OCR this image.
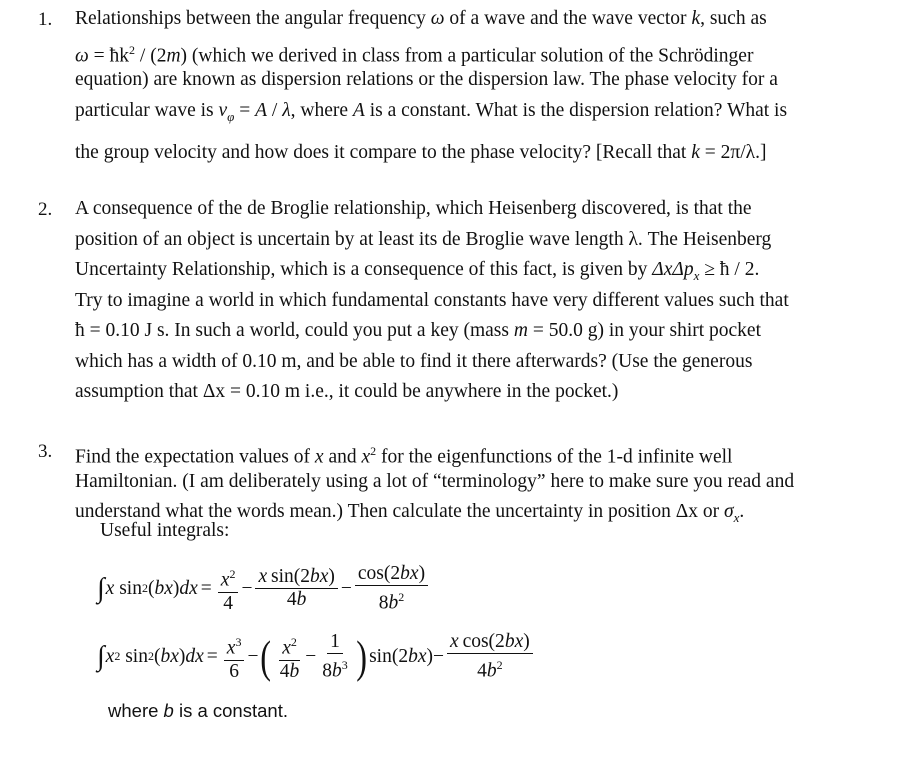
1. Relationships between the angular frequency ω of a wave and the wave vector k, such as
$\omega = ħk^2 / (2m)$ (which we derived in class from a particular solution of the Schrödinger
equation) are known as dispersion relations or the dispersion law. The phase velocity for a
particular wave is $v_\varphi = A / \lambda$, where A is a constant. What is the dispersion relation? What is
the group velocity and how does it compare to the phase velocity? [Recall that k = 2π/λ.]
2. A consequence of the de Broglie relationship, which Heisenberg discovered, is that the
position of an object is uncertain by at least its de Broglie wave length λ. The Heisenberg
Uncertainty Relationship, which is a consequence of this fact, is given by ΔxΔp$_x$ ≥ ħ / 2.
Try to imagine a world in which fundamental constants have very different values such that
ħ = 0.10 J s. In such a world, could you put a key (mass m = 50.0 g) in your shirt pocket
which has a width of 0.10 m, and be able to find it there afterwards? (Use the generous
assumption that Δx = 0.10 m i.e., it could be anywhere in the pocket.)
3. Find the expectation values of x and $x^2$ for the eigenfunctions of the 1-d infinite well
Hamiltonian. (I am deliberately using a lot of “terminology” here to make sure you read and
understand what the words mean.) Then calculate the uncertainty in position Δx or $\sigma_x$.
Useful integrals:
∫ x
sin 2 ( bx ) dx = $\frac{x^2}{4} - \frac{\text{x  sin(2bx)}}{4b} - \frac{\cos(2bx)}{8b^2}$
∫ x 2
sin 2 ( bx ) dx = $\frac{x^3}{6}$ − ( $\frac{x^2}{4b} - \frac{1}{8b^3}$ ) sin(2 bx ) − $\frac{\text{x  cos(2bx)}}{4b^2}$
where b is a constant.
